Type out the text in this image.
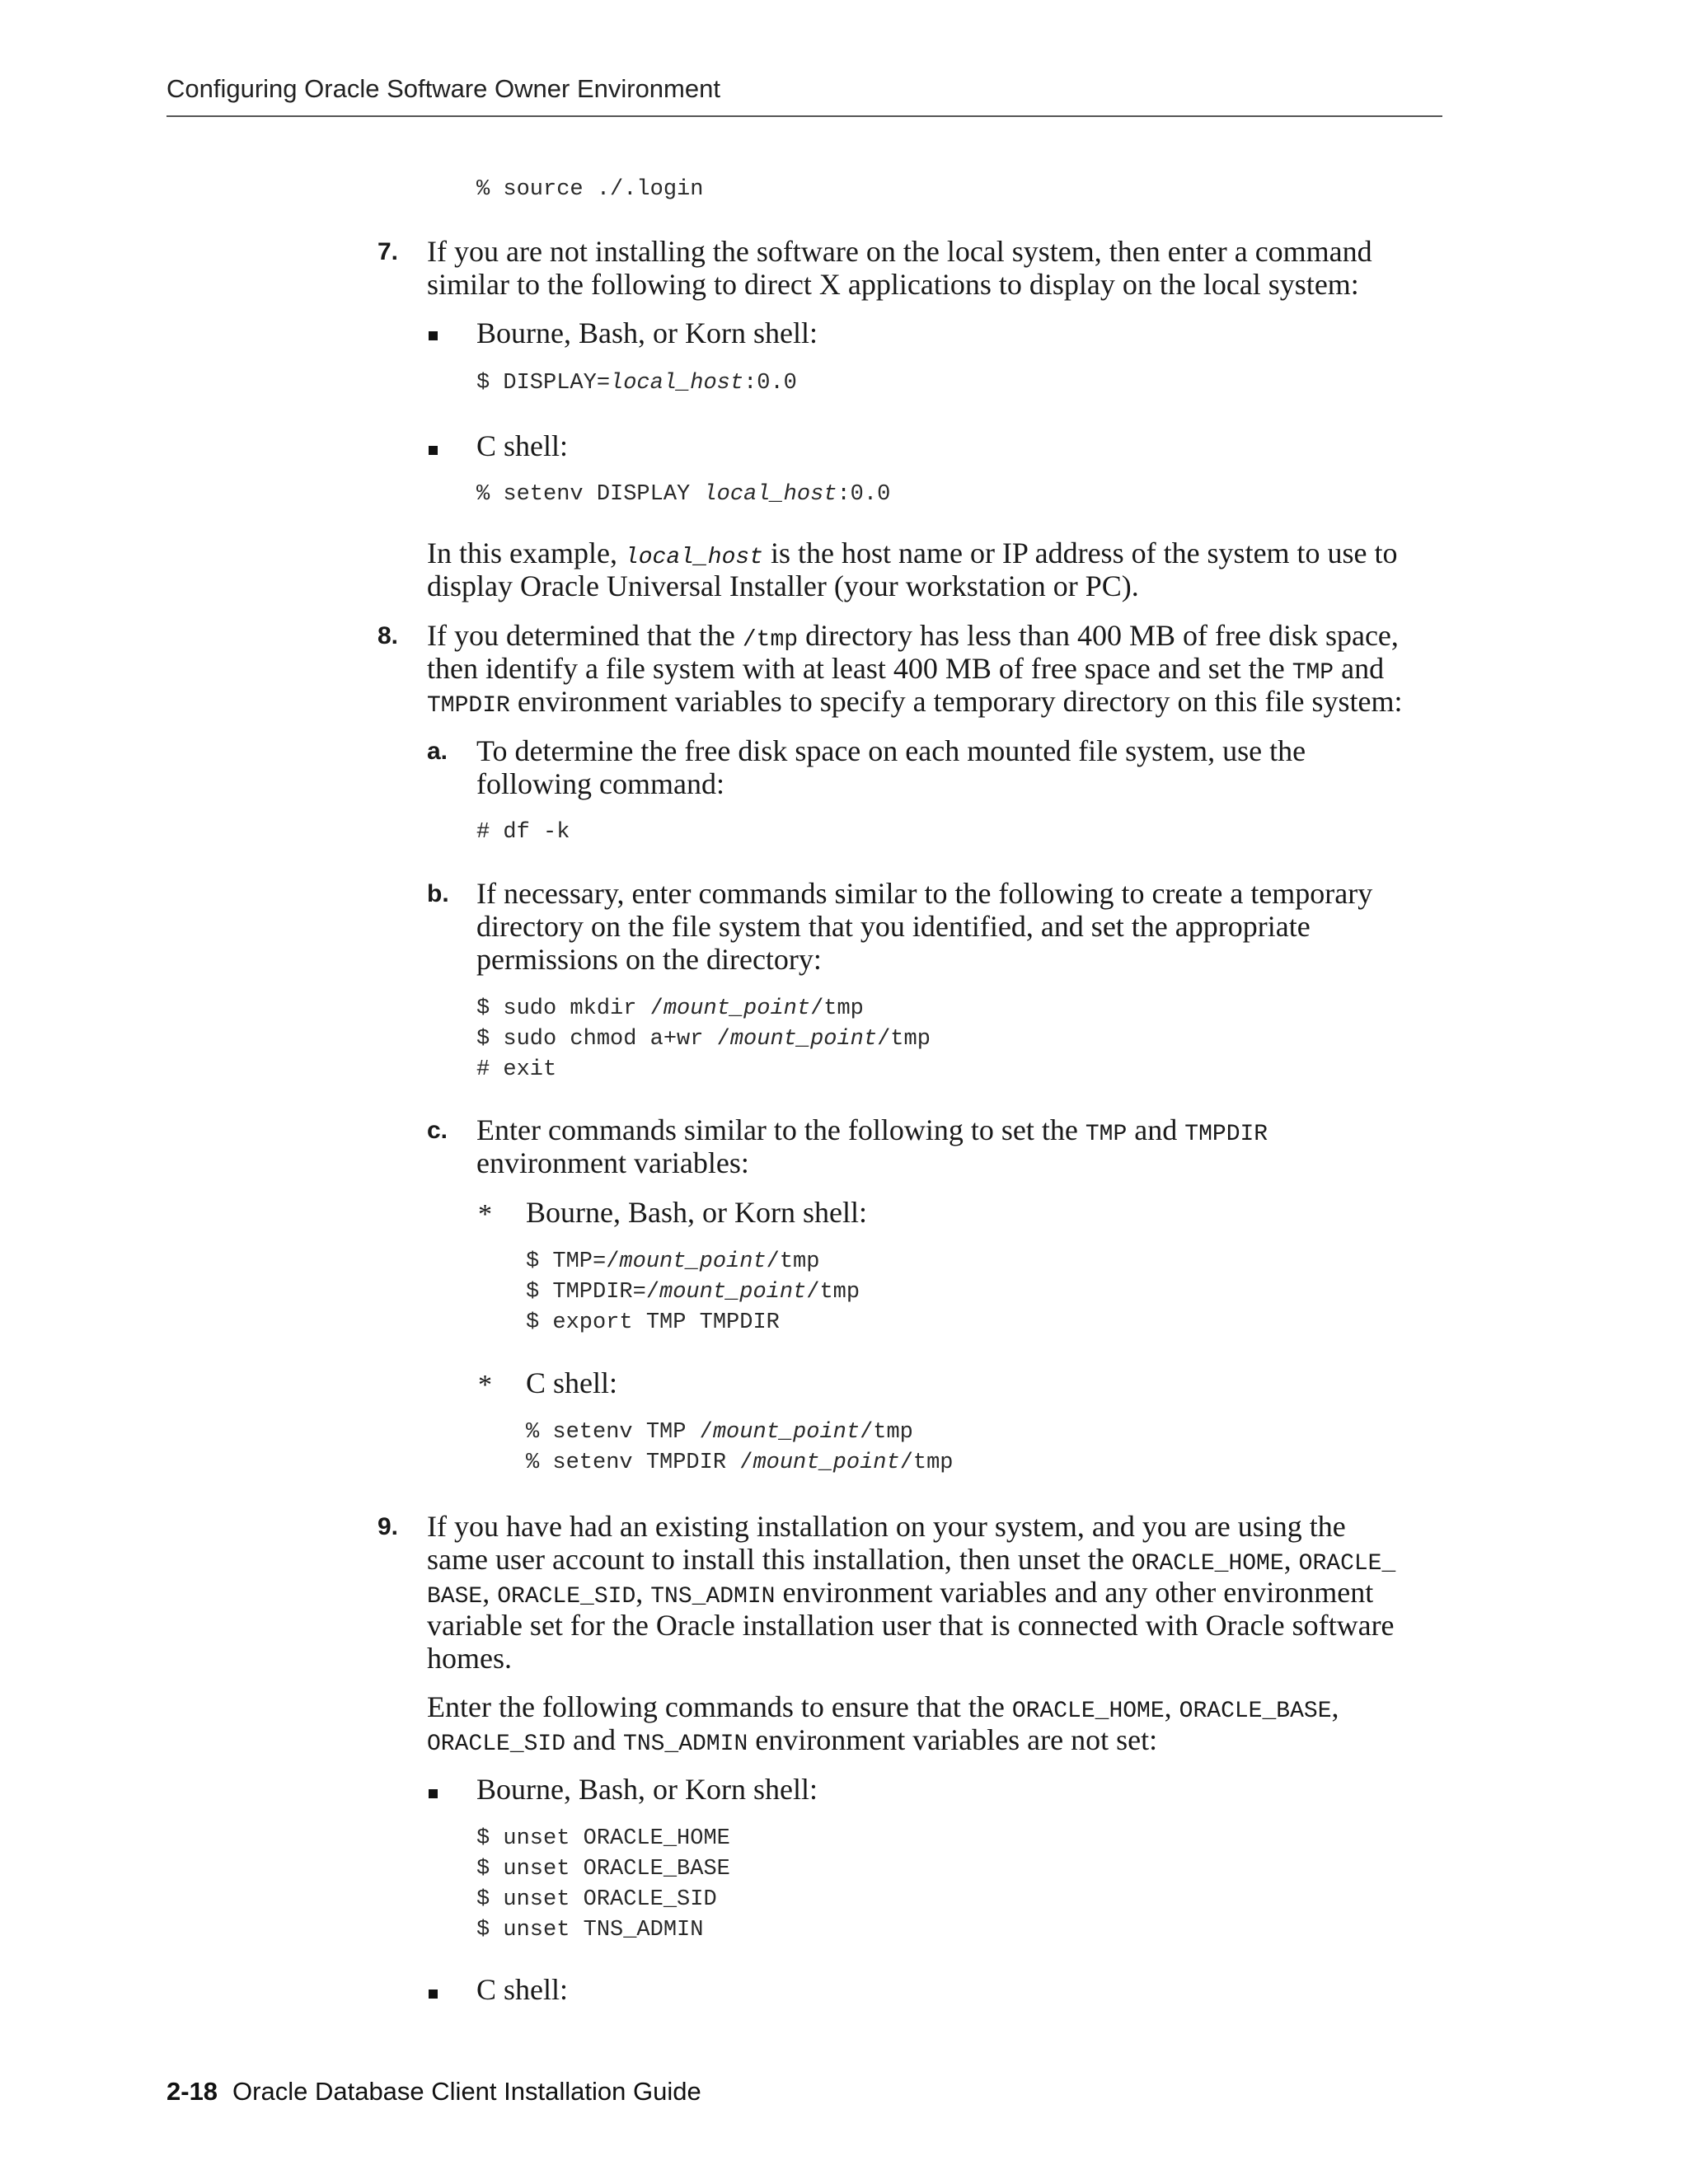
Configuring Oracle Software Owner Environment
% source ./.login
7. If you are not installing the software on the local system, then enter a command
similar to the following to direct X applications to display on the local system:
Bourne, Bash, or Korn shell:
$ DISPLAY=local_host:0.0
C shell:
% setenv DISPLAY local_host:0.0
In this example, local_host is the host name or IP address of the system to use to
display Oracle Universal Installer (your workstation or PC).
8. If you determined that the /tmp directory has less than 400 MB of free disk space,
then identify a file system with at least 400 MB of free space and set the TMP and
TMPDIR environment variables to specify a temporary directory on this file system:
a. To determine the free disk space on each mounted file system, use the
following command:
# df -k
b. If necessary, enter commands similar to the following to create a temporary
directory on the file system that you identified, and set the appropriate
permissions on the directory:
$ sudo mkdir /mount_point/tmp
$ sudo chmod a+wr /mount_point/tmp
# exit
c. Enter commands similar to the following to set the TMP and TMPDIR
environment variables:
* Bourne, Bash, or Korn shell:
$ TMP=/mount_point/tmp
$ TMPDIR=/mount_point/tmp
$ export TMP TMPDIR
* C shell:
% setenv TMP /mount_point/tmp
% setenv TMPDIR /mount_point/tmp
9. If you have had an existing installation on your system, and you are using the
same user account to install this installation, then unset the ORACLE_HOME, ORACLE_
BASE, ORACLE_SID, TNS_ADMIN environment variables and any other environment
variable set for the Oracle installation user that is connected with Oracle software
homes.
Enter the following commands to ensure that the ORACLE_HOME, ORACLE_BASE,
ORACLE_SID and TNS_ADMIN environment variables are not set:
Bourne, Bash, or Korn shell:
$ unset ORACLE_HOME
$ unset ORACLE_BASE
$ unset ORACLE_SID
$ unset TNS_ADMIN
C shell:
2-18 Oracle Database Client Installation Guide
